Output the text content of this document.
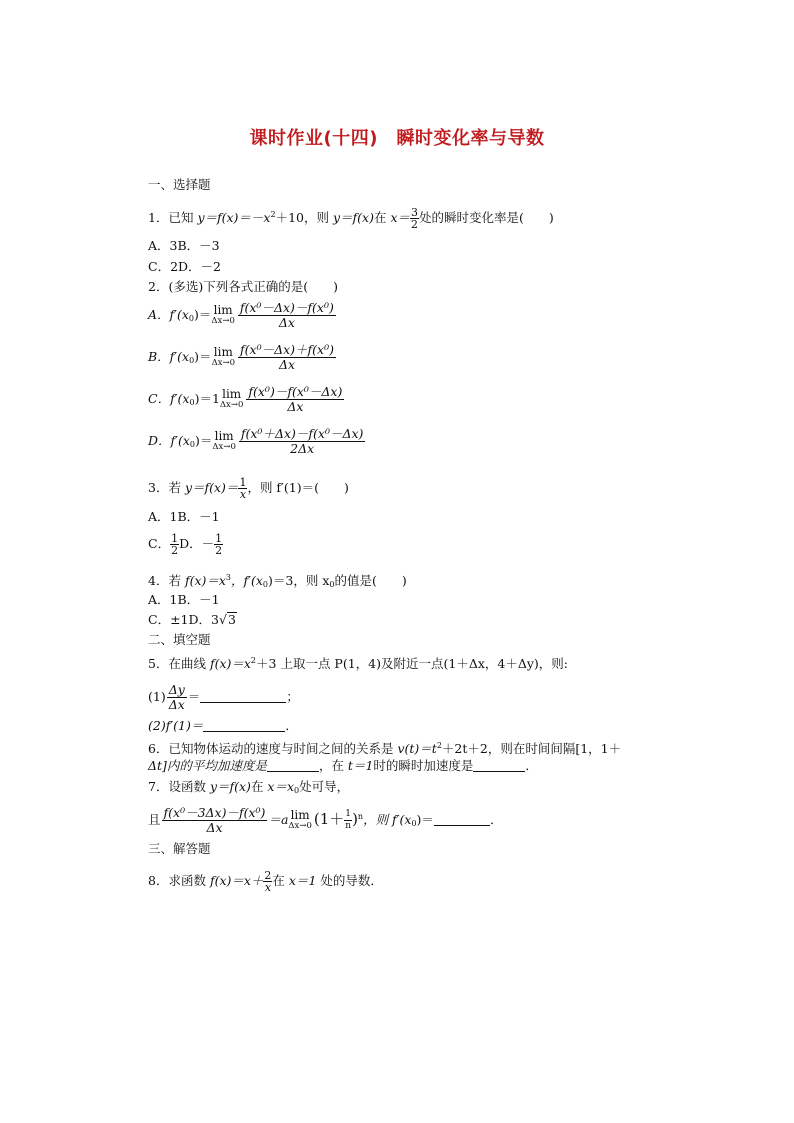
课时作业(十四)　瞬时变化率与导数
一、选择题
1．已知 $y=f(x)=-x^2+10$，则 y＝f(x)在 $x= \frac{3}{2}$ 处的瞬时变化率是(　　)
A．3B．－3
C．2D．－2
2．(多选)下列各式正确的是(　　)
A．$f'(x_0)= \lim$
$\Delta x\to 0 \frac{\text{f(x⁰－Δx)－f(x⁰)}}{\Delta x}$
B．$f'(x_0)= \lim$
$\Delta x\to 0 \frac{\text{f(x⁰－Δx)＋f(x⁰)}}{\Delta x}$
C．$f'(x_0)=1$ lim
$\Delta x\to 0 \frac{\text{f(x⁰)－f(x⁰－Δx)}}{\Delta x}$
D．$f'(x_0)= \lim$
$\Delta x\to 0 \frac{\text{f(x⁰＋Δx)－f(x⁰－Δx)}}{2\Delta x}$
3．若 $y=f(x)= \frac{1}{x}$ ，则 f′(1)＝(　　)
A．1B．－1
C． $\frac{1}{2}$ D．－ $\frac{1}{2}$
4．若 $f(x)=x^3$，$f'(x_0)=3$，则 $x_0$的值是(　　)
A．1B．－1
C．±1D．3√3
二、填空题
5．在曲线 $f(x)=x^2+3$ 上取一点 P(1，4)及附近一点(1＋Δx，4＋Δy)，则:
$(1) \frac{\Delta y}{\Delta x}$ ＝	；
(2)f′(1)＝	．
6．已知物体运动的速度与时间之间的关系是 $v(t)=t^2+2t+2$，则在时间间隔[1，1＋
Δt]内的平均加速度是	，在 t＝1时的瞬时加速度是	．
7．设函数 y＝f(x)在 $x=x_0$处可导，
且 $\frac{\text{f(x⁰－3Δx)－f(x⁰)}}{\Delta x} =a$ lim
Δx→0 $(1+ \frac{1}{n} )^n$，则 $f'(x_0)=$	．
三、解答题
8．求函数 $f(x)=x+ \frac{2}{x}$ 在 x＝1 处的导数．
